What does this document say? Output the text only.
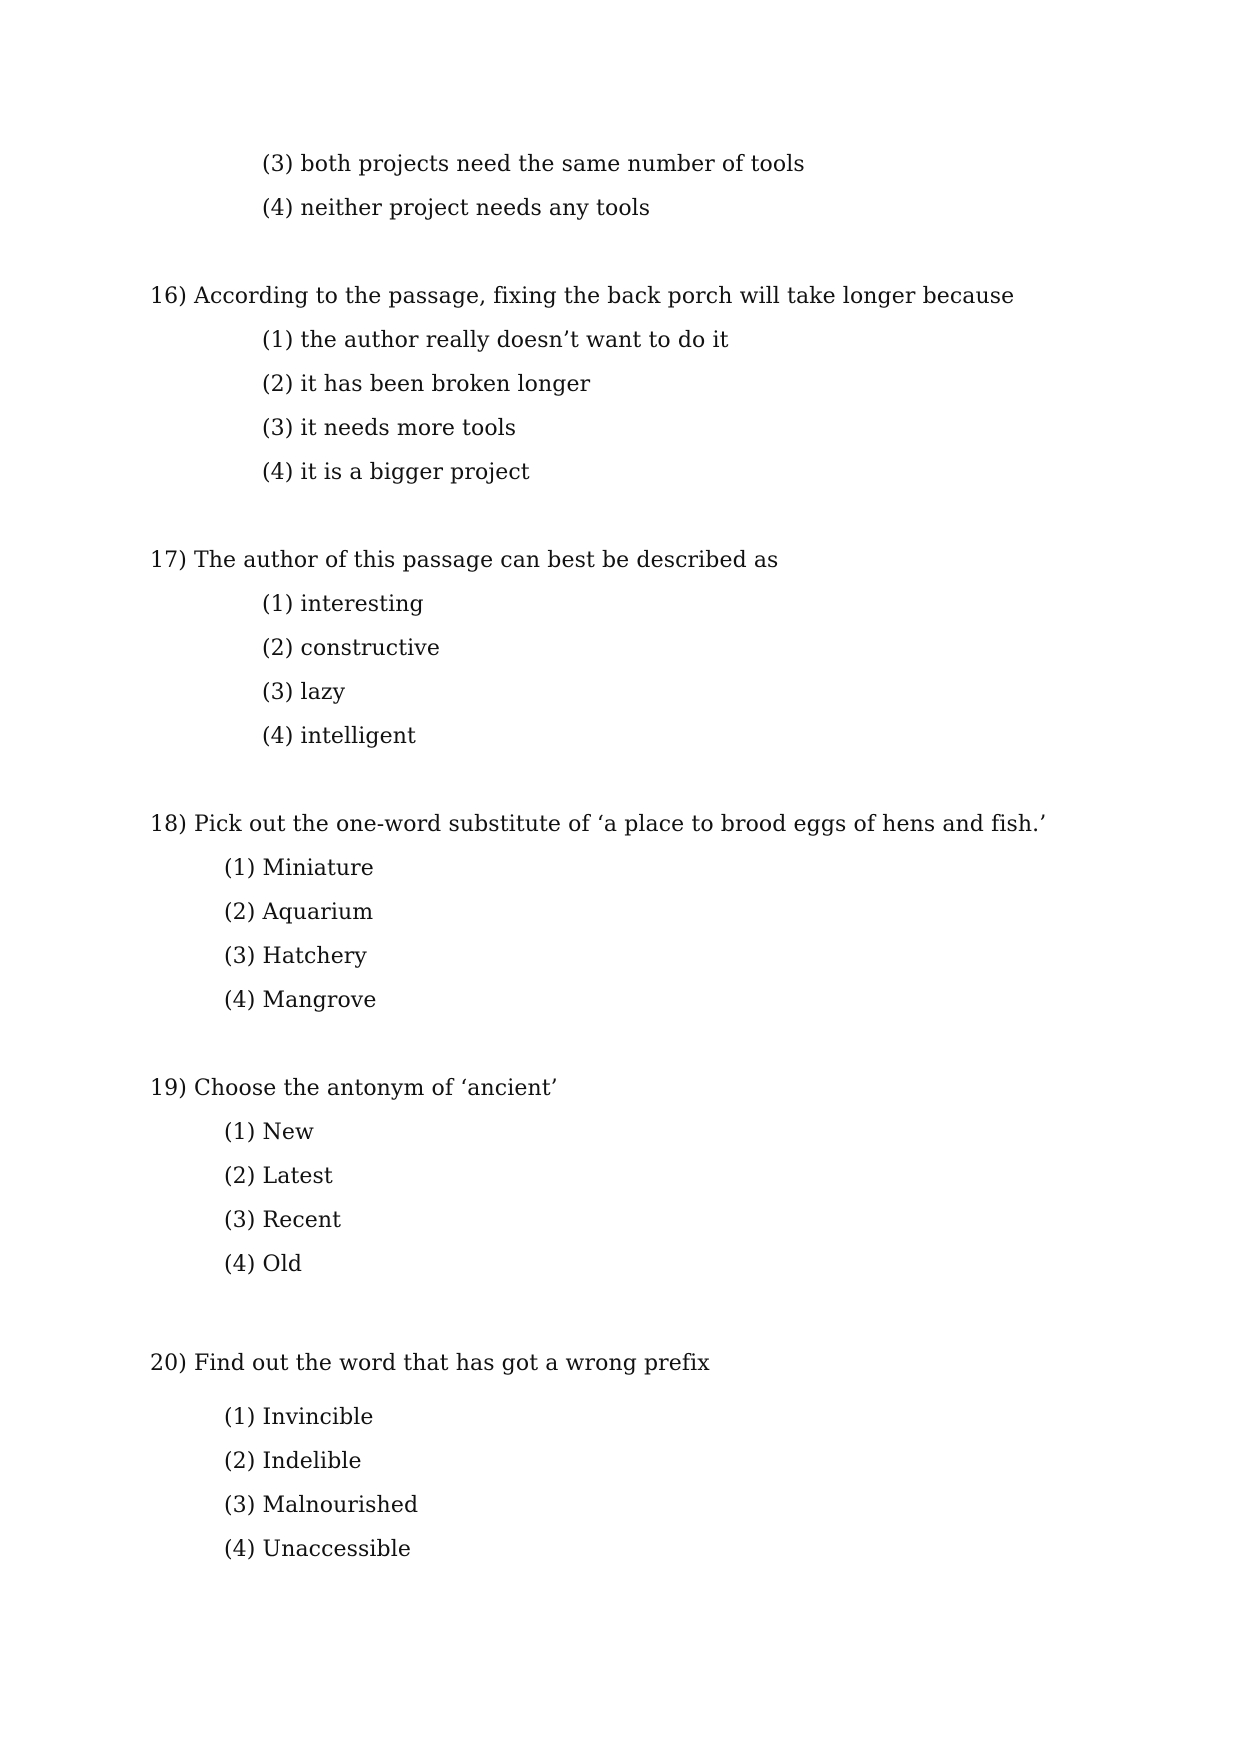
(3) both projects need the same number of tools
(4) neither project needs any tools
16) According to the passage, fixing the back porch will take longer because
(1) the author really doesn’t want to do it
(2) it has been broken longer
(3) it needs more tools
(4) it is a bigger project
17) The author of this passage can best be described as
(1) interesting
(2) constructive
(3) lazy
(4) intelligent
18) Pick out the one-word substitute of ‘a place to brood eggs of hens and fish.’
(1) Miniature
(2) Aquarium
(3) Hatchery
(4) Mangrove
19) Choose the antonym of ‘ancient’
(1) New
(2) Latest
(3) Recent
(4) Old
20) Find out the word that has got a wrong prefix
(1) Invincible
(2) Indelible
(3) Malnourished
(4) Unaccessible
